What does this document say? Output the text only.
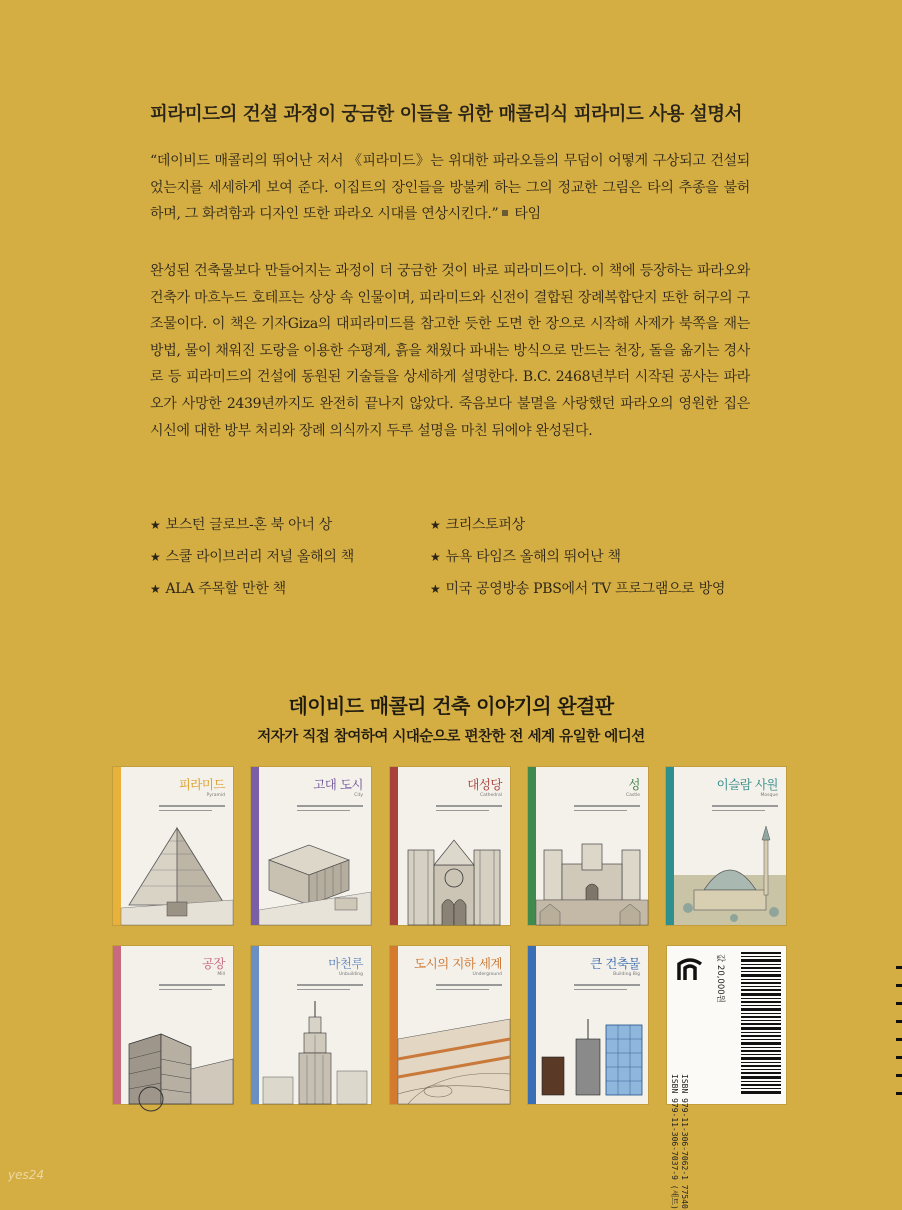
피라미드의 건설 과정이 궁금한 이들을 위한 매콜리식 피라미드 사용 설명서
“데이비드 매콜리의 뛰어난 저서 《피라미드》는 위대한 파라오들의 무덤이 어떻게 구상되고 건설되었는지를 세세하게 보여 준다. 이집트의 장인들을 방불케 하는 그의 정교한 그림은 타의 추종을 불허하며, 그 화려함과 디자인 또한 파라오 시대를 연상시킨다.” 타임
완성된 건축물보다 만들어지는 과정이 더 궁금한 것이 바로 피라미드이다. 이 책에 등장하는 파라오와 건축가 마흐누드 호테프는 상상 속 인물이며, 피라미드와 신전이 결합된 장례복합단지 또한 허구의 구조물이다. 이 책은 기자Giza의 대피라미드를 참고한 듯한 도면 한 장으로 시작해 사제가 북쪽을 재는 방법, 물이 채워진 도랑을 이용한 수평계, 흙을 채웠다 파내는 방식으로 만드는 천장, 돌을 옮기는 경사로 등 피라미드의 건설에 동원된 기술들을 상세하게 설명한다. B.C. 2468년부터 시작된 공사는 파라오가 사망한 2439년까지도 완전히 끝나지 않았다. 죽음보다 불멸을 사랑했던 파라오의 영원한 집은 시신에 대한 방부 처리와 장례 의식까지 두루 설명을 마친 뒤에야 완성된다.
★ 보스턴 글로브-혼 북 아너 상
★ 스쿨 라이브러리 저널 올해의 책
★ ALA 주목할 만한 책
★ 크리스토퍼상
★ 뉴욕 타임즈 올해의 뛰어난 책
★ 미국 공영방송 PBS에서 TV 프로그램으로 방영
데이비드 매콜리 건축 이야기의 완결판
저자가 직접 참여하여 시대순으로 편찬한 전 세계 유일한 에디션
피라미드
Pyramid
고대 도시
City
대성당
Cathedral
성
Castle
이슬람 사원
Mosque
공장
Mill
마천루
Unbuilding
도시의 지하 세계
Underground
큰 건축물
Building Big
ISBN 979-11-306-7062-1 77540
ISBN 979-11-306-7037-9 (세트)
값 20,000원
yes24
